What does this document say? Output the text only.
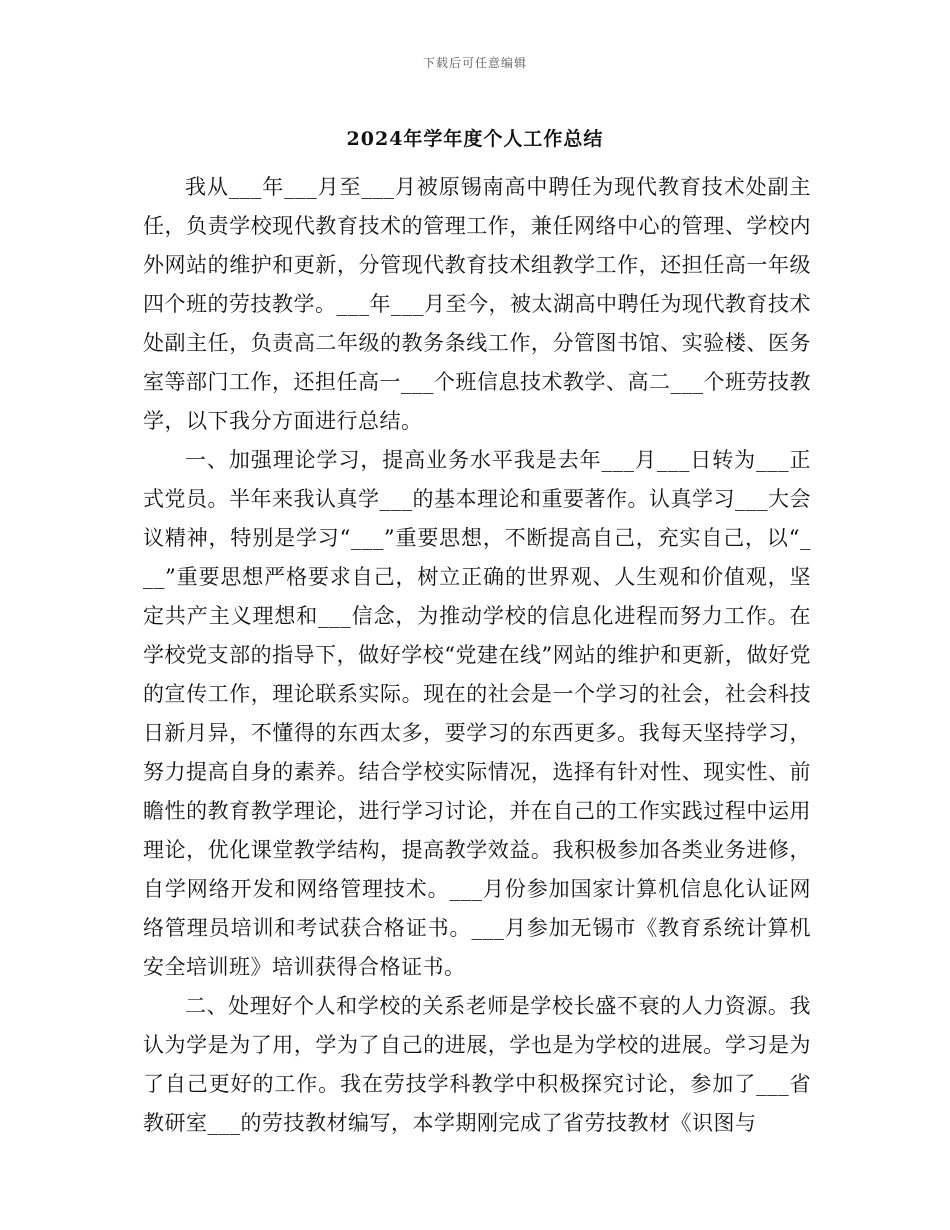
下载后可任意编辑
2024年学年度个人工作总结

我从___年___月至___月被原锡南高中聘任为现代教育技术处副主任，负责学校现代教育技术的管理工作，兼任网络中心的管理、学校内外网站的维护和更新，分管现代教育技术组教学工作，还担任高一年级四个班的劳技教学。___年___月至今，被太湖高中聘任为现代教育技术处副主任，负责高二年级的教务条线工作，分管图书馆、实验楼、医务室等部门工作，还担任高一___个班信息技术教学、高二___个班劳技教学，以下我分方面进行总结。

一、加强理论学习，提高业务水平我是去年___月___日转为___正式党员。半年来我认真学___的基本理论和重要著作。认真学习___大会议精神，特别是学习“___”重要思想，不断提高自己，充实自己，以“___”重要思想严格要求自己，树立正确的世界观、人生观和价值观，坚定共产主义理想和___信念，为推动学校的信息化进程而努力工作。在学校党支部的指导下，做好学校“党建在线”网站的维护和更新，做好党的宣传工作，理论联系实际。现在的社会是一个学习的社会，社会科技日新月异，不懂得的东西太多，要学习的东西更多。我每天坚持学习，努力提高自身的素养。结合学校实际情况，选择有针对性、现实性、前瞻性的教育教学理论，进行学习讨论，并在自己的工作实践过程中运用理论，优化课堂教学结构，提高教学效益。我积极参加各类业务进修，自学网络开发和网络管理技术。___月份参加国家计算机信息化认证网络管理员培训和考试获合格证书。___月参加无锡市《教育系统计算机安全培训班》培训获得合格证书。

二、处理好个人和学校的关系老师是学校长盛不衰的人力资源。我认为学是为了用，学为了自己的进展，学也是为学校的进展。学习是为了自己更好的工作。我在劳技学科教学中积极探究讨论，参加了___省教研室___的劳技教材编写，本学期刚完成了省劳技教材《识图与
